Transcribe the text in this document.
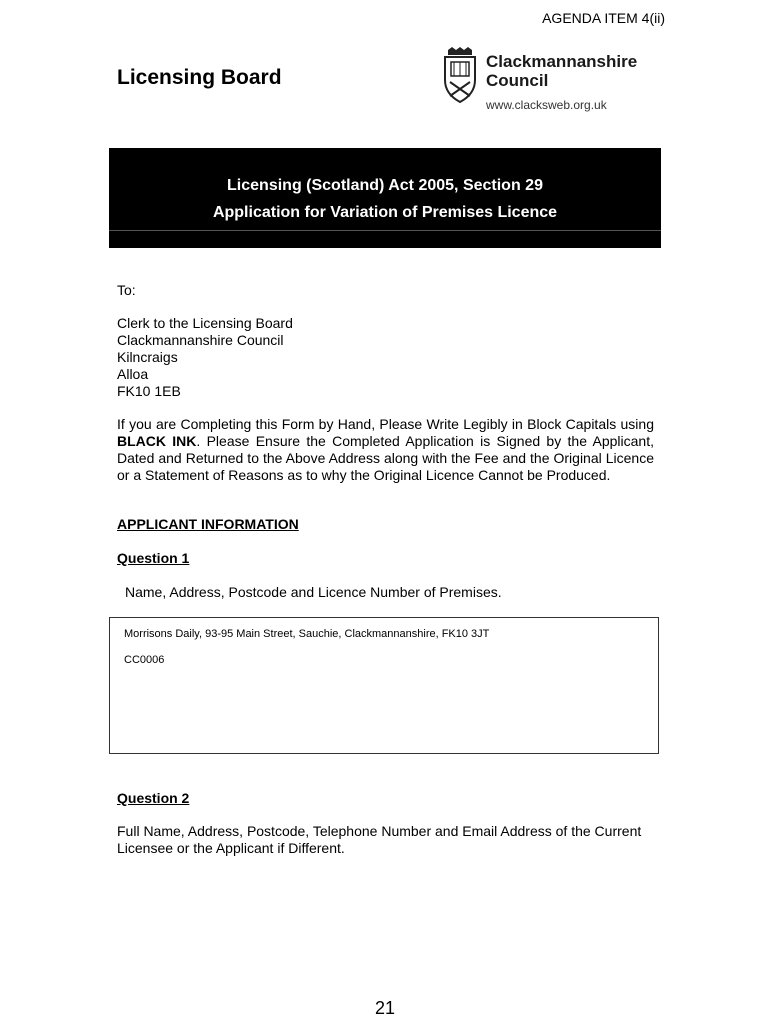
AGENDA ITEM 4(ii)
Licensing Board
Clackmannanshire
Council
www.clacksweb.org.uk
Licensing (Scotland) Act 2005, Section 29
Application for Variation of Premises Licence
To:
Clerk to the Licensing Board
Clackmannanshire Council
Kilncraigs
Alloa
FK10 1EB
If you are Completing this Form by Hand, Please Write Legibly in Block Capitals using BLACK INK. Please Ensure the Completed Application is Signed by the Applicant, Dated and Returned to the Above Address along with the Fee and the Original Licence or a Statement of Reasons as to why the Original Licence Cannot be Produced.
APPLICANT INFORMATION
Question 1
Name, Address, Postcode and Licence Number of Premises.
Morrisons Daily, 93-95 Main Street, Sauchie, Clackmannanshire, FK10 3JT
CC0006
Question 2
Full Name, Address, Postcode, Telephone Number and Email Address of the Current Licensee or the Applicant if Different.
21
